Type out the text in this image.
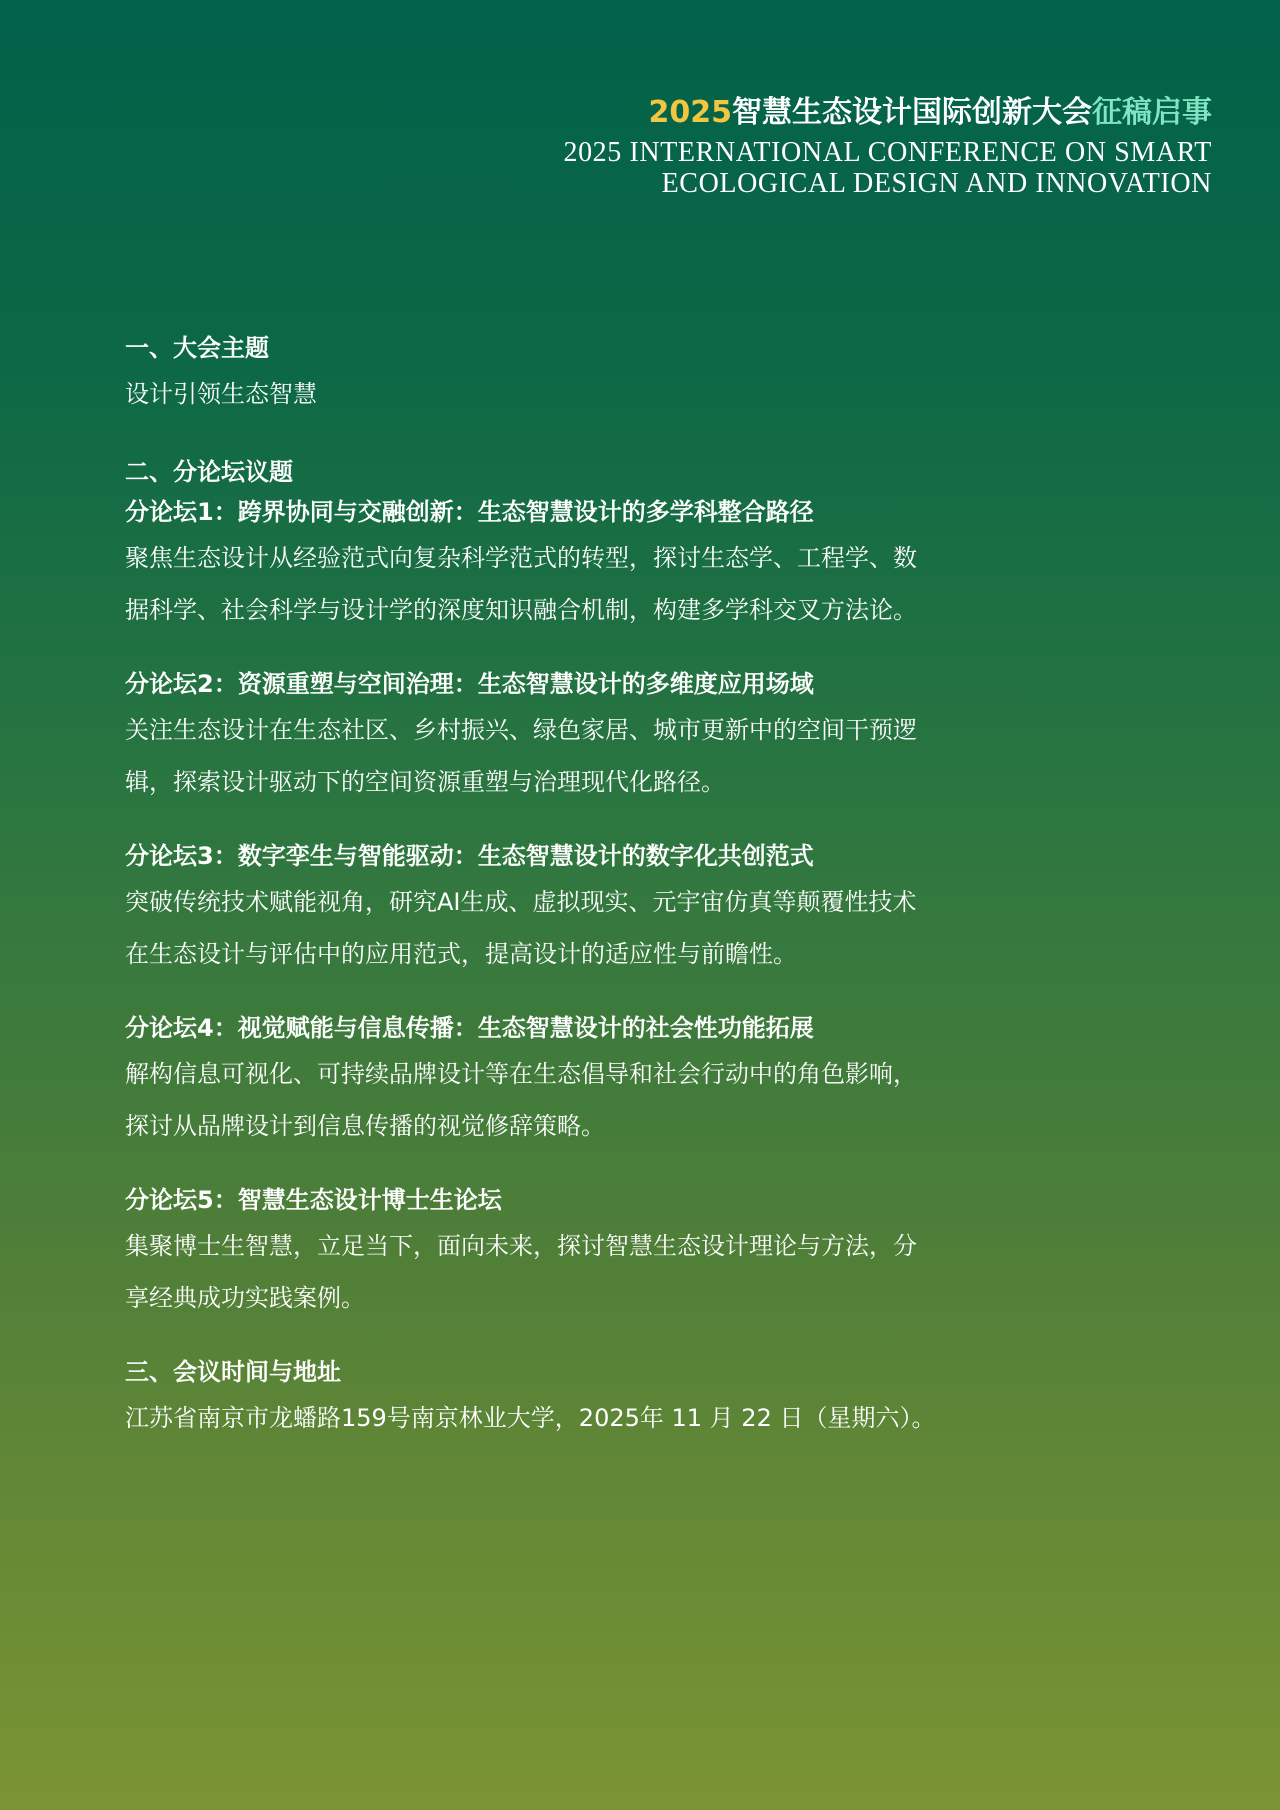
2025智慧生态设计国际创新大会征稿启事
2025 INTERNATIONAL CONFERENCE ON SMART
ECOLOGICAL DESIGN AND INNOVATION
一、大会主题
设计引领生态智慧
二、分论坛议题
分论坛1：跨界协同与交融创新：生态智慧设计的多学科整合路径
聚焦生态设计从经验范式向复杂科学范式的转型，探讨生态学、工程学、数
据科学、社会科学与设计学的深度知识融合机制，构建多学科交叉方法论。
分论坛2：资源重塑与空间治理：生态智慧设计的多维度应用场域
关注生态设计在生态社区、乡村振兴、绿色家居、城市更新中的空间干预逻
辑，探索设计驱动下的空间资源重塑与治理现代化路径。
分论坛3：数字孪生与智能驱动：生态智慧设计的数字化共创范式
突破传统技术赋能视角，研究AI生成、虚拟现实、元宇宙仿真等颠覆性技术
在生态设计与评估中的应用范式，提高设计的适应性与前瞻性。
分论坛4：视觉赋能与信息传播：生态智慧设计的社会性功能拓展
解构信息可视化、可持续品牌设计等在生态倡导和社会行动中的角色影响，
探讨从品牌设计到信息传播的视觉修辞策略。
分论坛5：智慧生态设计博士生论坛
集聚博士生智慧，立足当下，面向未来，探讨智慧生态设计理论与方法，分
享经典成功实践案例。
三、会议时间与地址
江苏省南京市龙蟠路159号南京林业大学，2025年 11 月 22 日（星期六）。
